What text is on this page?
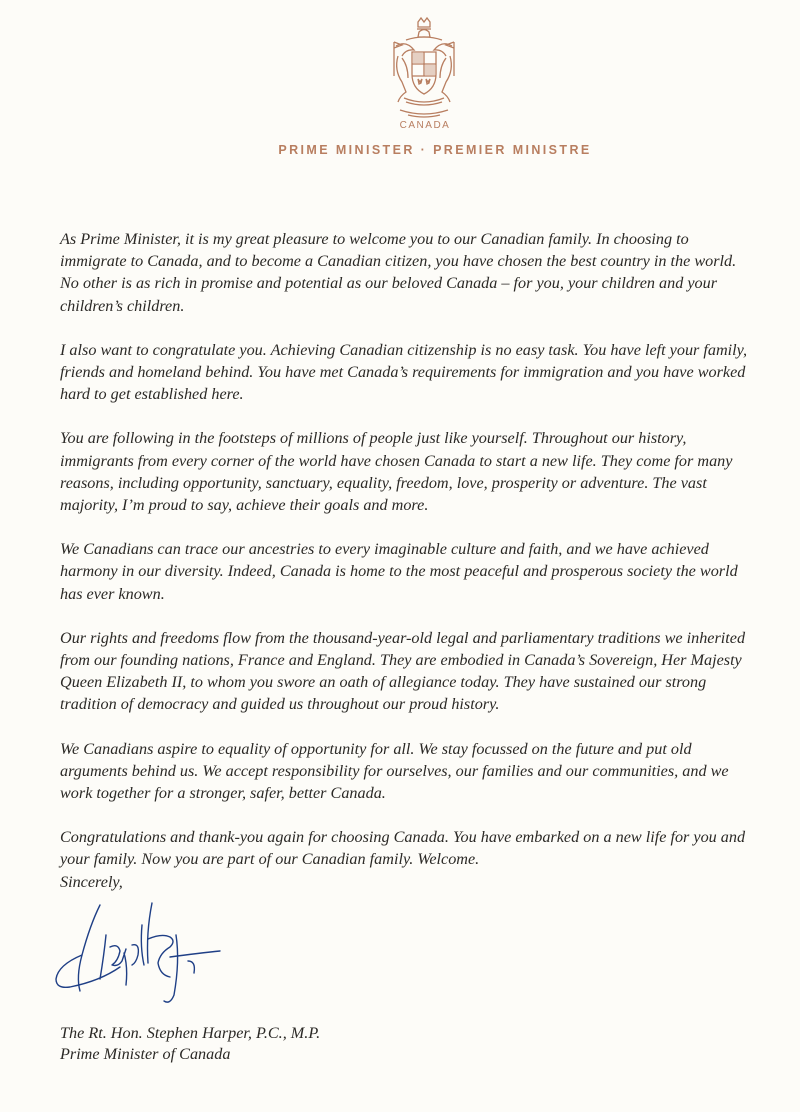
CANADA
PRIME MINISTER · PREMIER MINISTRE

As Prime Minister, it is my great pleasure to welcome you to our Canadian family. In choosing to immigrate to Canada, and to become a Canadian citizen, you have chosen the best country in the world. No other is as rich in promise and potential as our beloved Canada – for you, your children and your children’s children.

I also want to congratulate you. Achieving Canadian citizenship is no easy task. You have left your family, friends and homeland behind. You have met Canada’s requirements for immigration and you have worked hard to get established here.

You are following in the footsteps of millions of people just like yourself. Throughout our history, immigrants from every corner of the world have chosen Canada to start a new life. They come for many reasons, including opportunity, sanctuary, equality, freedom, love, prosperity or adventure. The vast majority, I’m proud to say, achieve their goals and more.

We Canadians can trace our ancestries to every imaginable culture and faith, and we have achieved harmony in our diversity. Indeed, Canada is home to the most peaceful and prosperous society the world has ever known.

Our rights and freedoms flow from the thousand-year-old legal and parliamentary traditions we inherited from our founding nations, France and England. They are embodied in Canada’s Sovereign, Her Majesty Queen Elizabeth II, to whom you swore an oath of allegiance today. They have sustained our strong tradition of democracy and guided us throughout our proud history.

We Canadians aspire to equality of opportunity for all. We stay focussed on the future and put old arguments behind us. We accept responsibility for ourselves, our families and our communities, and we work together for a stronger, safer, better Canada.

Congratulations and thank-you again for choosing Canada. You have embarked on a new life for you and your family. Now you are part of our Canadian family. Welcome.

Sincerely,
The Rt. Hon. Stephen Harper, P.C., M.P.
Prime Minister of Canada
